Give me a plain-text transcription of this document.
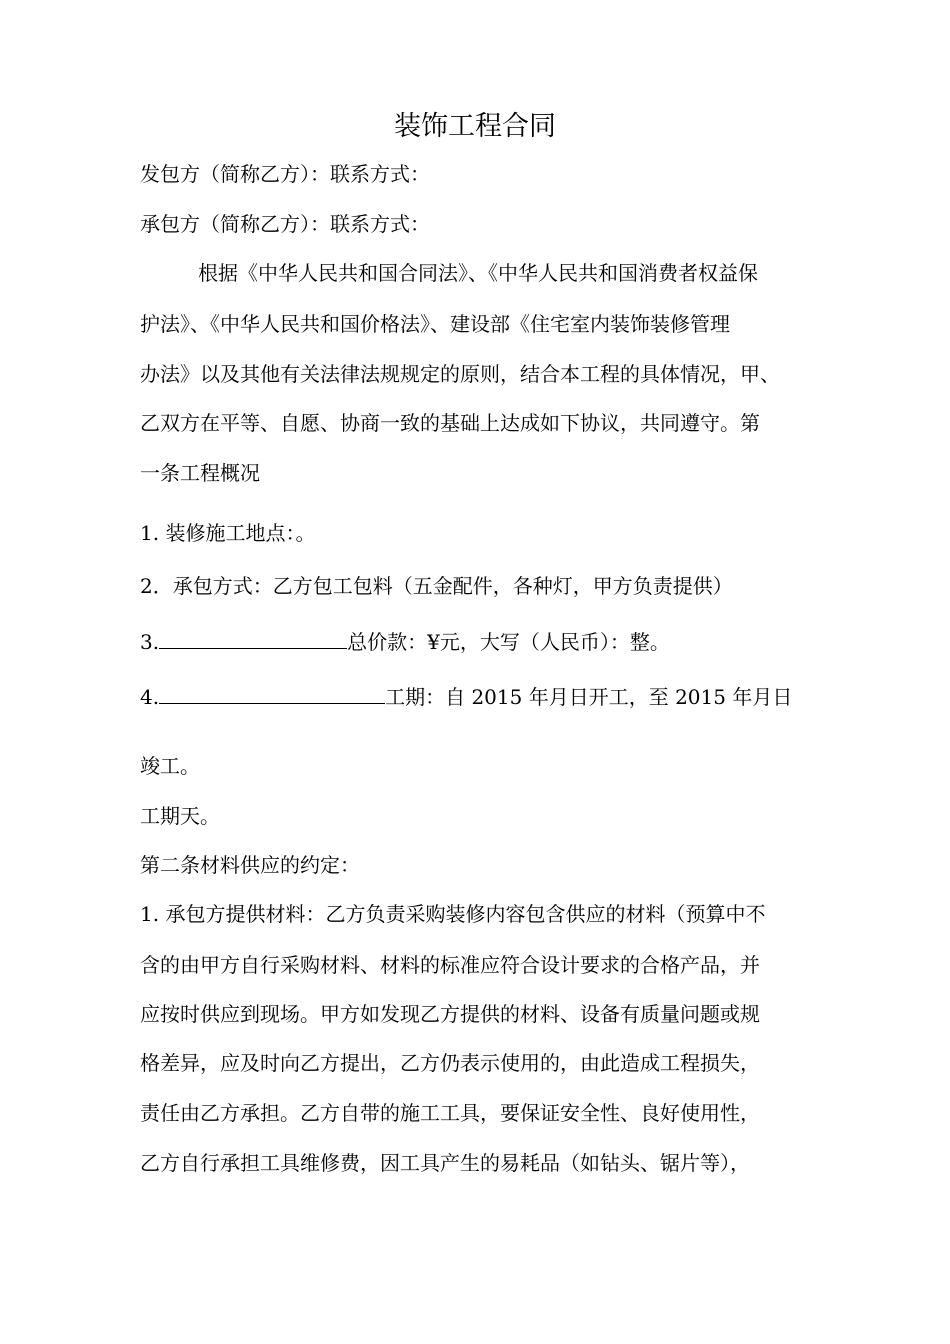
装饰工程合同
发包方（简称乙方）：联系方式：
承包方（简称乙方）：联系方式：
根据《中华人民共和国合同法》、《中华人民共和国消费者权益保
护法》、《中华人民共和国价格法》、建设部《住宅室内装饰装修管理
办法》以及其他有关法律法规规定的原则，结合本工程的具体情况，甲、
乙双方在平等、自愿、协商一致的基础上达成如下协议，共同遵守。第
一条工程概况
1. 装修施工地点：。
2．承包方式：乙方包工包料（五金配件，各种灯，甲方负责提供）
3.	总价款：¥元，大写（人民币）：整。
4.	工期：自 2015 年月日开工，至 2015 年月日
竣工。
工期天。
第二条材料供应的约定：
1. 承包方提供材料：乙方负责采购装修内容包含供应的材料（预算中不
含的由甲方自行采购材料、材料的标准应符合设计要求的合格产品，并
应按时供应到现场。甲方如发现乙方提供的材料、设备有质量问题或规
格差异，应及时向乙方提出，乙方仍表示使用的，由此造成工程损失，
责任由乙方承担。乙方自带的施工工具，要保证安全性、良好使用性，
乙方自行承担工具维修费，因工具产生的易耗品（如钻头、锯片等），
